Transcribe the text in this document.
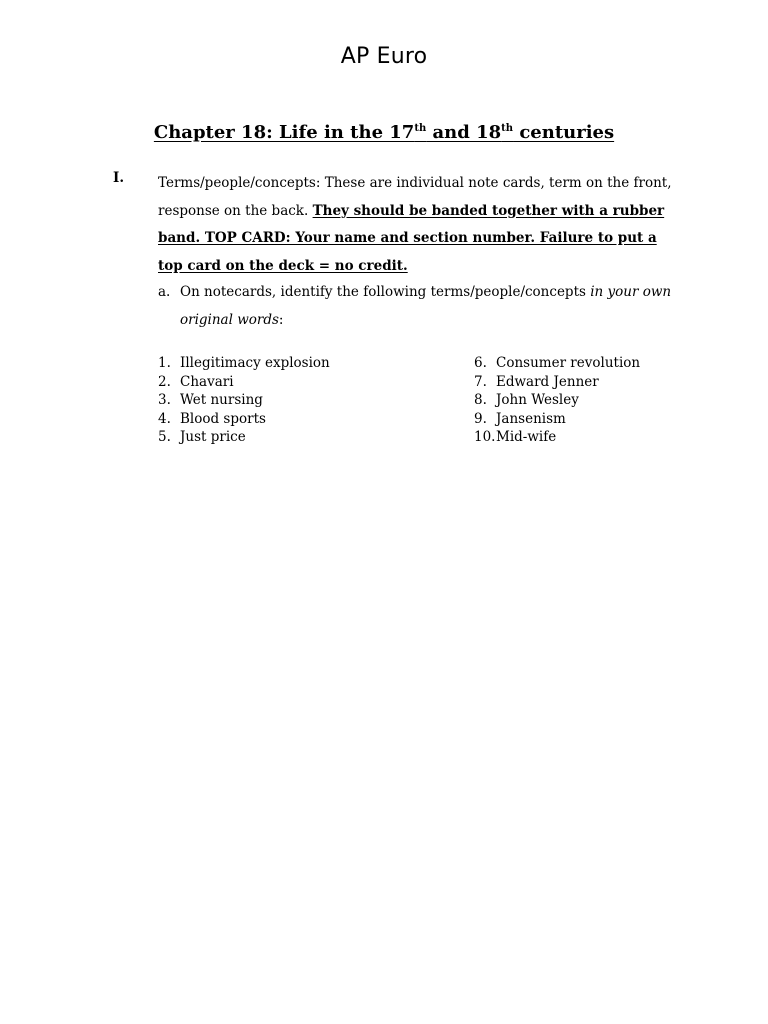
AP Euro
Chapter 18: Life in the 17th and 18th centuries
I.	Terms/people/concepts: These are individual note cards, term on the front, response on the back. They should be banded together with a rubber band. TOP CARD: Your name and section number. Failure to put a top card on the deck = no credit.
a. On notecards, identify the following terms/people/concepts in your own original words:
1. Illegitimacy explosion
2. Chavari
3. Wet nursing
4. Blood sports
5. Just price
6. Consumer revolution
7. Edward Jenner
8. John Wesley
9. Jansenism
10.Mid-wife
